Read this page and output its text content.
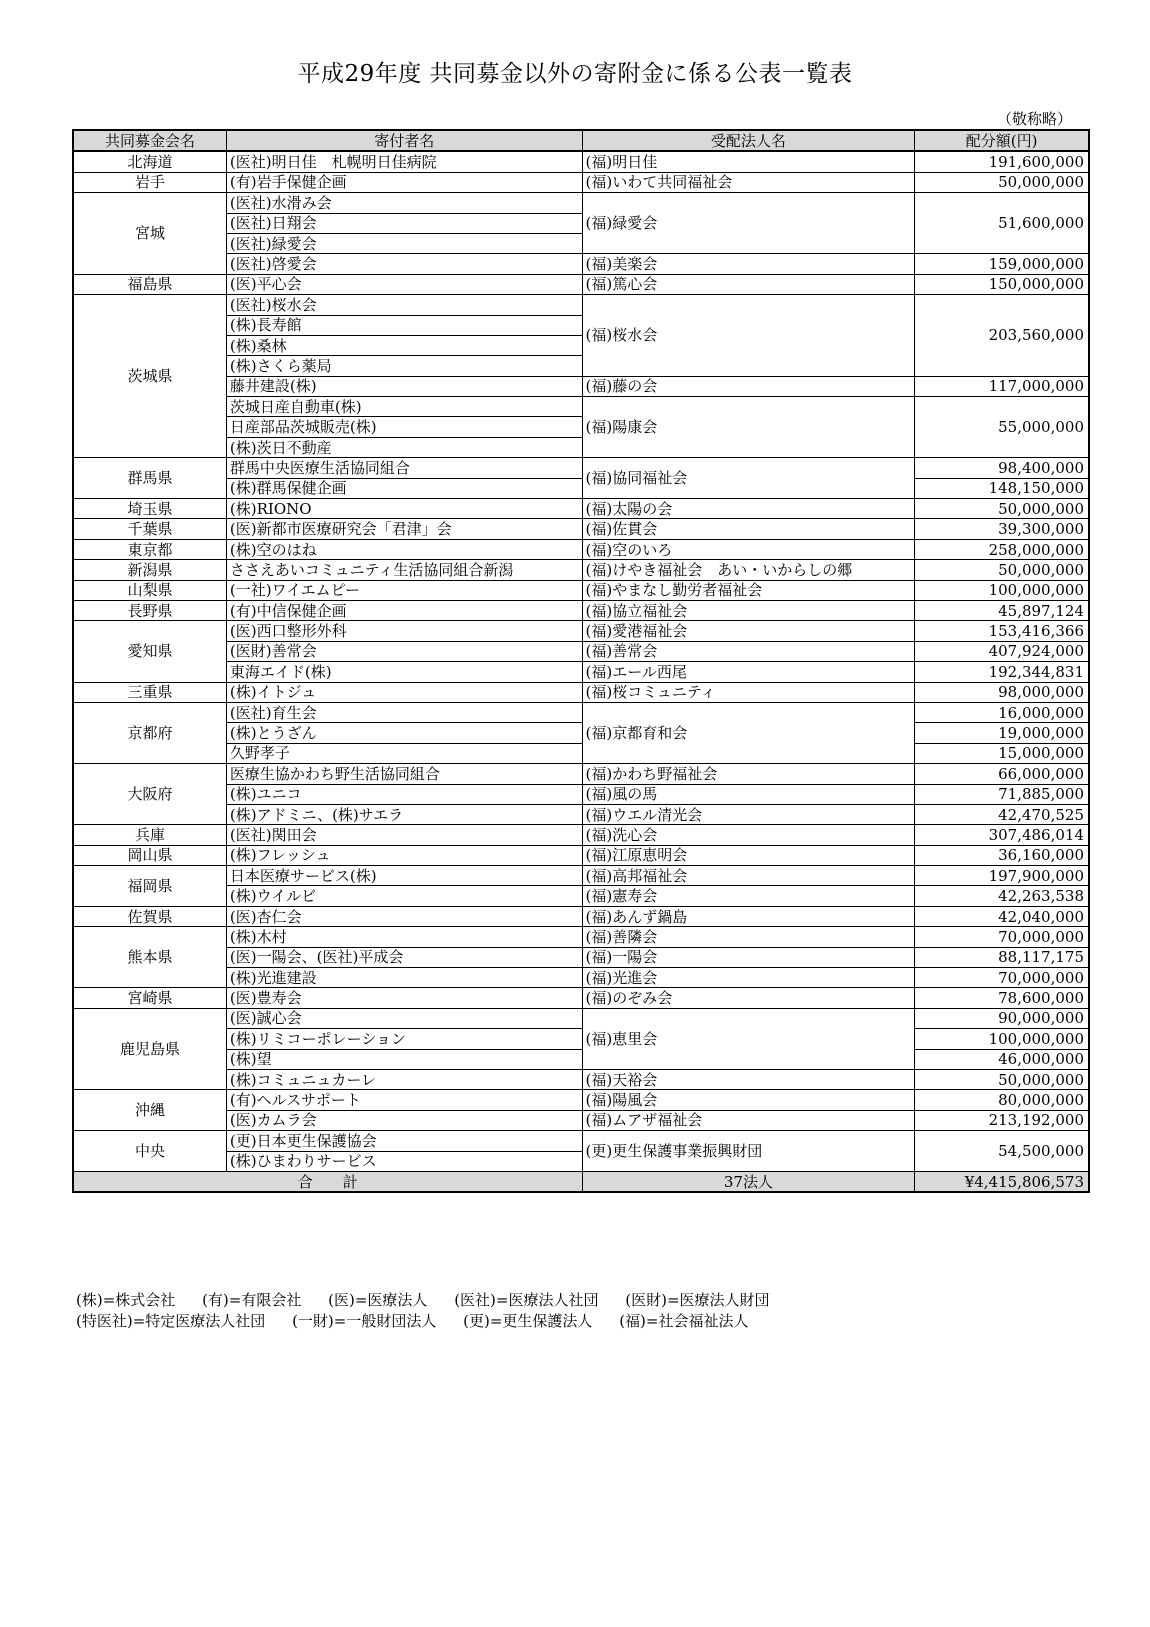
平成29年度 共同募金以外の寄附金に係る公表一覧表
（敬称略）
共同募金会名	寄付者名	受配法人名	配分額(円)
北海道	(医社)明日佳　札幌明日佳病院	(福)明日佳	191,600,000
岩手	(有)岩手保健企画	(福)いわて共同福祉会	50,000,000
宮城	(医社)水滑み会	(福)緑愛会	51,600,000
	(医社)日翔会		
	(医社)緑愛会		
	(医社)啓愛会	(福)美楽会	159,000,000
福島県	(医)平心会	(福)篤心会	150,000,000
茨城県	(医社)桜水会	(福)桜水会	203,560,000
	(株)長寿館		
	(株)桑林		
	(株)さくら薬局		
	藤井建設(株)	(福)藤の会	117,000,000
	茨城日産自動車(株)	(福)陽康会	55,000,000
	日産部品茨城販売(株)		
	(株)茨日不動産		
群馬県	群馬中央医療生活協同組合	(福)協同福祉会	98,400,000
	(株)群馬保健企画		148,150,000
埼玉県	(株)RIONO	(福)太陽の会	50,000,000
千葉県	(医)新都市医療研究会「君津」会	(福)佐貫会	39,300,000
東京都	(株)空のはね	(福)空のいろ	258,000,000
新潟県	ささえあいコミュニティ生活協同組合新潟	(福)けやき福祉会　あい・いからしの郷	50,000,000
山梨県	(一社)ワイエムピー	(福)やまなし勤労者福祉会	100,000,000
長野県	(有)中信保健企画	(福)協立福祉会	45,897,124
愛知県	(医)西口整形外科	(福)愛港福祉会	153,416,366
	(医財)善常会	(福)善常会	407,924,000
	東海エイド(株)	(福)エール西尾	192,344,831
三重県	(株)イトジュ	(福)桜コミュニティ	98,000,000
京都府	(医社)育生会	(福)京都育和会	16,000,000
	(株)とうざん		19,000,000
	久野孝子		15,000,000
大阪府	医療生協かわち野生活協同組合	(福)かわち野福祉会	66,000,000
	(株)ユニコ	(福)風の馬	71,885,000
	(株)アドミニ、(株)サエラ	(福)ウエル清光会	42,470,525
兵庫	(医社)関田会	(福)洗心会	307,486,014
岡山県	(株)フレッシュ	(福)江原恵明会	36,160,000
福岡県	日本医療サービス(株)	(福)高邦福祉会	197,900,000
	(株)ウイルビ	(福)憲寿会	42,263,538
佐賀県	(医)杏仁会	(福)あんず鍋島	42,040,000
熊本県	(株)木村	(福)善隣会	70,000,000
	(医)一陽会、(医社)平成会	(福)一陽会	88,117,175
	(株)光進建設	(福)光進会	70,000,000
宮崎県	(医)豊寿会	(福)のぞみ会	78,600,000
鹿児島県	(医)誠心会	(福)恵里会	90,000,000
	(株)リミコーポレーション		100,000,000
	(株)望		46,000,000
	(株)コミュニュカーレ	(福)天裕会	50,000,000
沖縄	(有)ヘルスサポート	(福)陽風会	80,000,000
	(医)カムラ会	(福)ムアザ福祉会	213,192,000
中央	(更)日本更生保護協会	(更)更生保護事業振興財団	54,500,000
	(株)ひまわりサービス		
合　　計		37法人	¥4,415,806,573
(株)=株式会社 (有)=有限会社 (医)=医療法人 (医社)=医療法人社団 (医財)=医療法人財団
(特医社)=特定医療法人社団 (一財)=一般財団法人 (更)=更生保護法人 (福)=社会福祉法人
